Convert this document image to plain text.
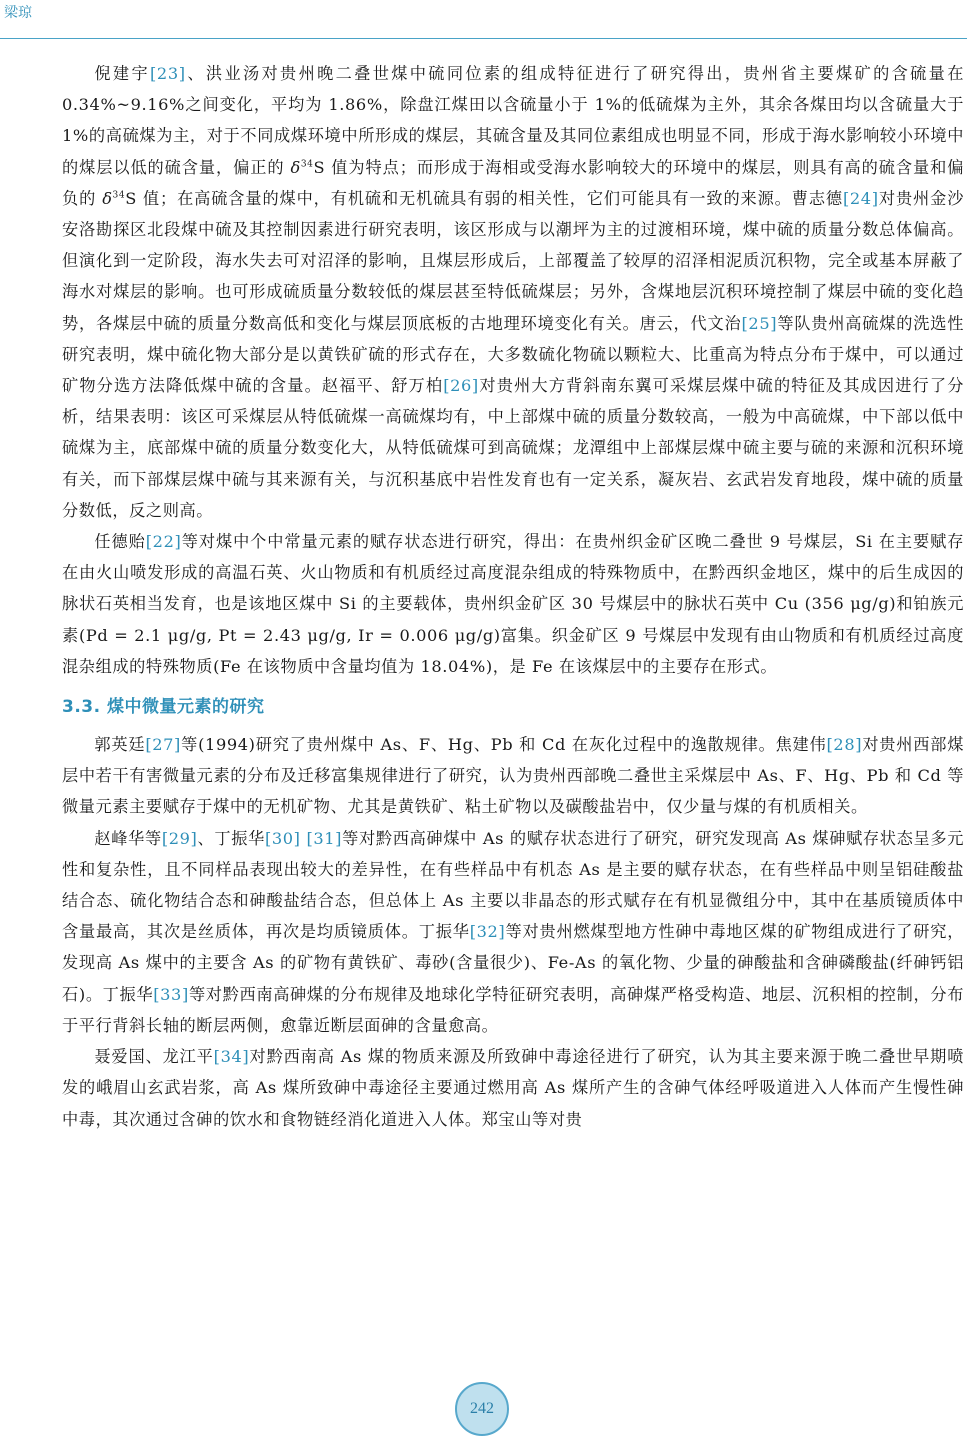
梁琼

倪建宇[23]、洪业汤对贵州晚二叠世煤中硫同位素的组成特征进行了研究得出，贵州省主要煤矿的含硫量在 0.34%~9.16%之间变化，平均为 1.86%，除盘江煤田以含硫量小于 1%的低硫煤为主外，其余各煤田均以含硫量大于 1%的高硫煤为主，对于不同成煤环境中所形成的煤层，其硫含量及其同位素组成也明显不同，形成于海水影响较小环境中的煤层以低的硫含量，偏正的 $\delta^{34}S$ 值为特点；而形成于海相或受海水影响较大的环境中的煤层，则具有高的硫含量和偏负的 $\delta^{34}S$ 值；在高硫含量的煤中，有机硫和无机硫具有弱的相关性，它们可能具有一致的来源。曹志德[24]对贵州金沙安洛勘探区北段煤中硫及其控制因素进行研究表明，该区形成与以潮坪为主的过渡相环境，煤中硫的质量分数总体偏高。但演化到一定阶段，海水失去可对沼泽的影响，且煤层形成后，上部覆盖了较厚的沼泽相泥质沉积物，完全或基本屏蔽了海水对煤层的影响。也可形成硫质量分数较低的煤层甚至特低硫煤层；另外，含煤地层沉积环境控制了煤层中硫的变化趋势，各煤层中硫的质量分数高低和变化与煤层顶底板的古地理环境变化有关。唐云，代文治[25]等队贵州高硫煤的洗选性研究表明，煤中硫化物大部分是以黄铁矿硫的形式存在，大多数硫化物硫以颗粒大、比重高为特点分布于煤中，可以通过矿物分选方法降低煤中硫的含量。赵福平、舒万柏[26]对贵州大方背斜南东翼可采煤层煤中硫的特征及其成因进行了分析，结果表明：该区可采煤层从特低硫煤一高硫煤均有，中上部煤中硫的质量分数较高，一般为中高硫煤，中下部以低中硫煤为主，底部煤中硫的质量分数变化大，从特低硫煤可到高硫煤；龙潭组中上部煤层煤中硫主要与硫的来源和沉积环境有关，而下部煤层煤中硫与其来源有关，与沉积基底中岩性发育也有一定关系，凝灰岩、玄武岩发育地段，煤中硫的质量分数低，反之则高。

任德贻[22]等对煤中个中常量元素的赋存状态进行研究，得出：在贵州织金矿区晚二叠世 9 号煤层，Si 在主要赋存在由火山喷发形成的高温石英、火山物质和有机质经过高度混杂组成的特殊物质中，在黔西织金地区，煤中的后生成因的脉状石英相当发育，也是该地区煤中 Si 的主要载体，贵州织金矿区 30 号煤层中的脉状石英中 Cu (356 μg/g)和铂族元素(Pd = 2.1 μg/g, Pt = 2.43 μg/g, Ir = 0.006 μg/g)富集。织金矿区 9 号煤层中发现有由山物质和有机质经过高度混杂组成的特殊物质(Fe 在该物质中含量均值为 18.04%)，是 Fe 在该煤层中的主要存在形式。

3.3. 煤中微量元素的研究

郭英廷[27]等(1994)研究了贵州煤中 As、F、Hg、Pb 和 Cd 在灰化过程中的逸散规律。焦建伟[28]对贵州西部煤层中若干有害微量元素的分布及迁移富集规律进行了研究，认为贵州西部晚二叠世主采煤层中 As、F、Hg、Pb 和 Cd 等微量元素主要赋存于煤中的无机矿物、尤其是黄铁矿、粘土矿物以及碳酸盐岩中，仅少量与煤的有机质相关。

赵峰华等[29]、丁振华[30] [31]等对黔西高砷煤中 As 的赋存状态进行了研究，研究发现高 As 煤砷赋存状态呈多元性和复杂性，且不同样品表现出较大的差异性，在有些样品中有机态 As 是主要的赋存状态，在有些样品中则呈铝硅酸盐结合态、硫化物结合态和砷酸盐结合态，但总体上 As 主要以非晶态的形式赋存在有机显微组分中，其中在基质镜质体中含量最高，其次是丝质体，再次是均质镜质体。丁振华[32]等对贵州燃煤型地方性砷中毒地区煤的矿物组成进行了研究，发现高 As 煤中的主要含 As 的矿物有黄铁矿、毒砂(含量很少)、Fe-As 的氧化物、少量的砷酸盐和含砷磷酸盐(纤砷钙铝石)。丁振华[33]等对黔西南高砷煤的分布规律及地球化学特征研究表明，高砷煤严格受构造、地层、沉积相的控制，分布于平行背斜长轴的断层两侧，愈靠近断层面砷的含量愈高。

聂爱国、龙江平[34]对黔西南高 As 煤的物质来源及所致砷中毒途径进行了研究，认为其主要来源于晚二叠世早期喷发的峨眉山玄武岩浆，高 As 煤所致砷中毒途径主要通过燃用高 As 煤所产生的含砷气体经呼吸道进入人体而产生慢性砷中毒，其次通过含砷的饮水和食物链经消化道进入人体。郑宝山等对贵

242
